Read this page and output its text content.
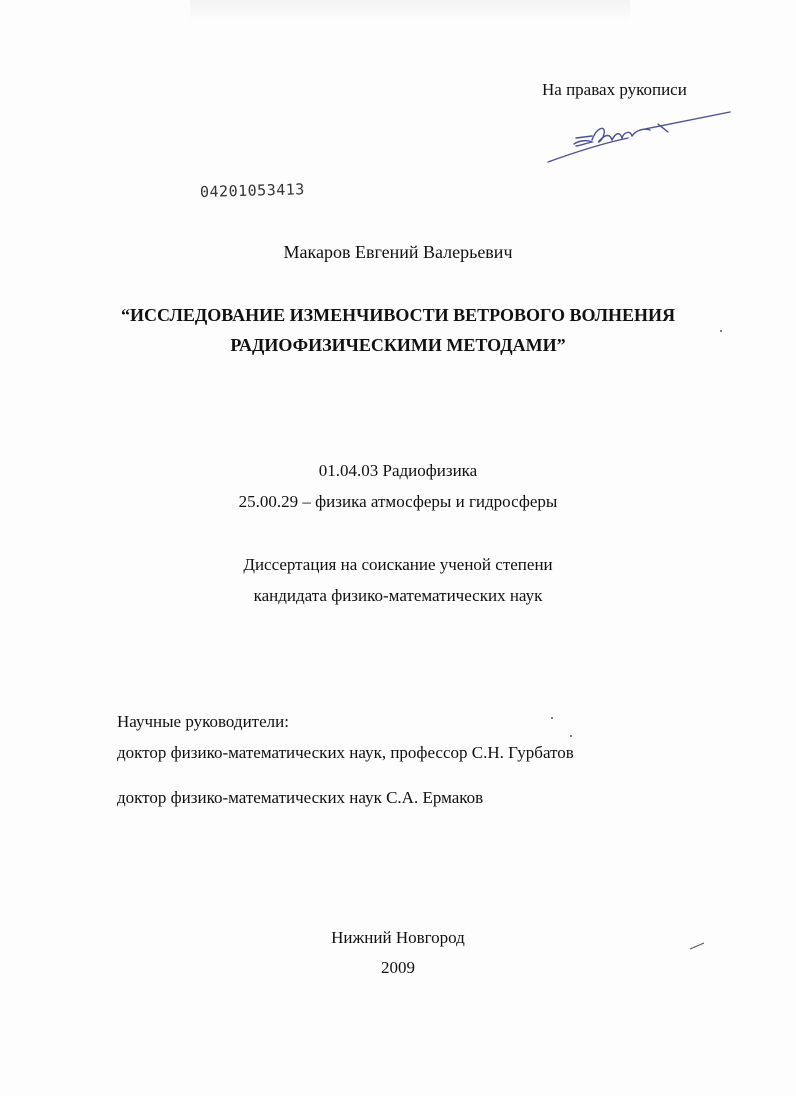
На правах рукописи
04201053413
Макаров Евгений Валерьевич
“ИССЛЕДОВАНИЕ ИЗМЕНЧИВОСТИ ВЕТРОВОГО ВОЛНЕНИЯ
РАДИОФИЗИЧЕСКИМИ МЕТОДАМИ”
01.04.03 Радиофизика
25.00.29 – физика атмосферы и гидросферы
Диссертация на соискание ученой степени
кандидата физико-математических наук
Научные руководители:
доктор физико-математических наук, профессор С.Н. Гурбатов
доктор физико-математических наук С.А. Ермаков
Нижний Новгород
2009
